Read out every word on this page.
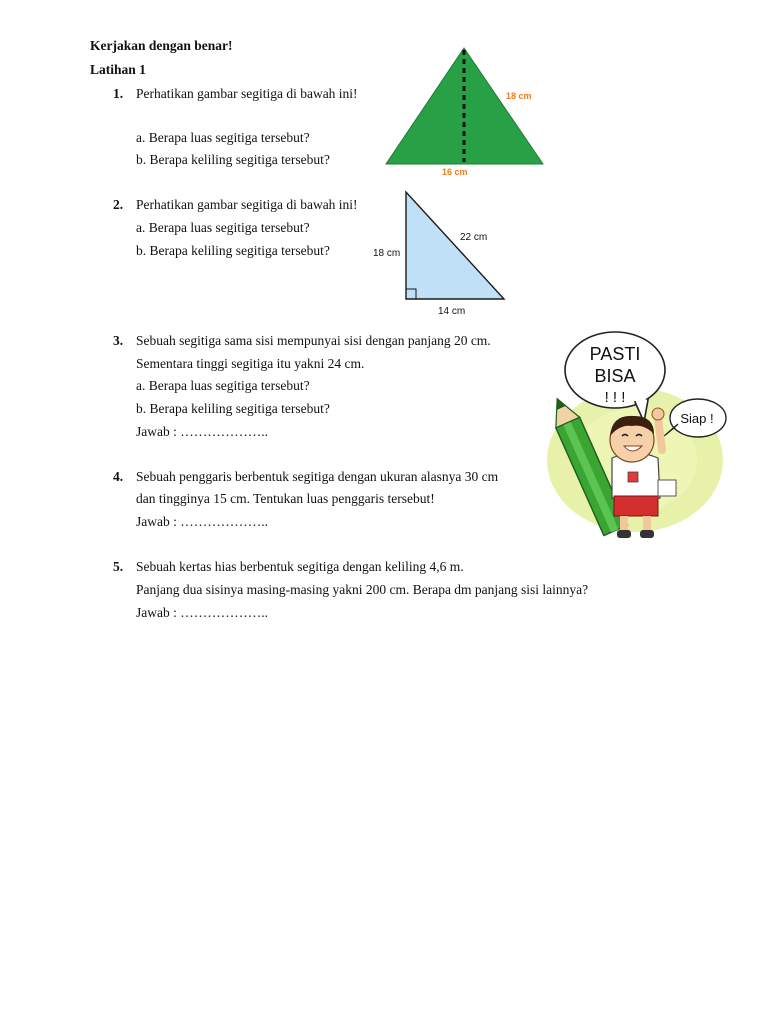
Kerjakan dengan benar!
Latihan 1
1. Perhatikan gambar segitiga di bawah ini!
a. Berapa luas segitiga tersebut?
b. Berapa keliling segitiga tersebut?
18 cm
16 cm
2. Perhatikan gambar segitiga di bawah ini!
a. Berapa luas segitiga tersebut?
b. Berapa keliling segitiga tersebut?	18 cm
22 cm
14 cm
3. Sebuah segitiga sama sisi mempunyai sisi dengan panjang 20 cm.
Sementara tinggi segitiga itu yakni 24 cm.
a. Berapa luas segitiga tersebut?
b. Berapa keliling segitiga tersebut?
Jawab : ………………..
4. Sebuah penggaris berbentuk segitiga dengan ukuran alasnya 30 cm
dan tingginya 15 cm. Tentukan luas penggaris tersebut!
Jawab : ………………..
5. Sebuah kertas hias berbentuk segitiga dengan keliling 4,6 m.
Panjang dua sisinya masing-masing yakni 200 cm. Berapa dm panjang sisi lainnya?
Jawab : ………………..
PASTI
BISA
! ! !
Siap !
